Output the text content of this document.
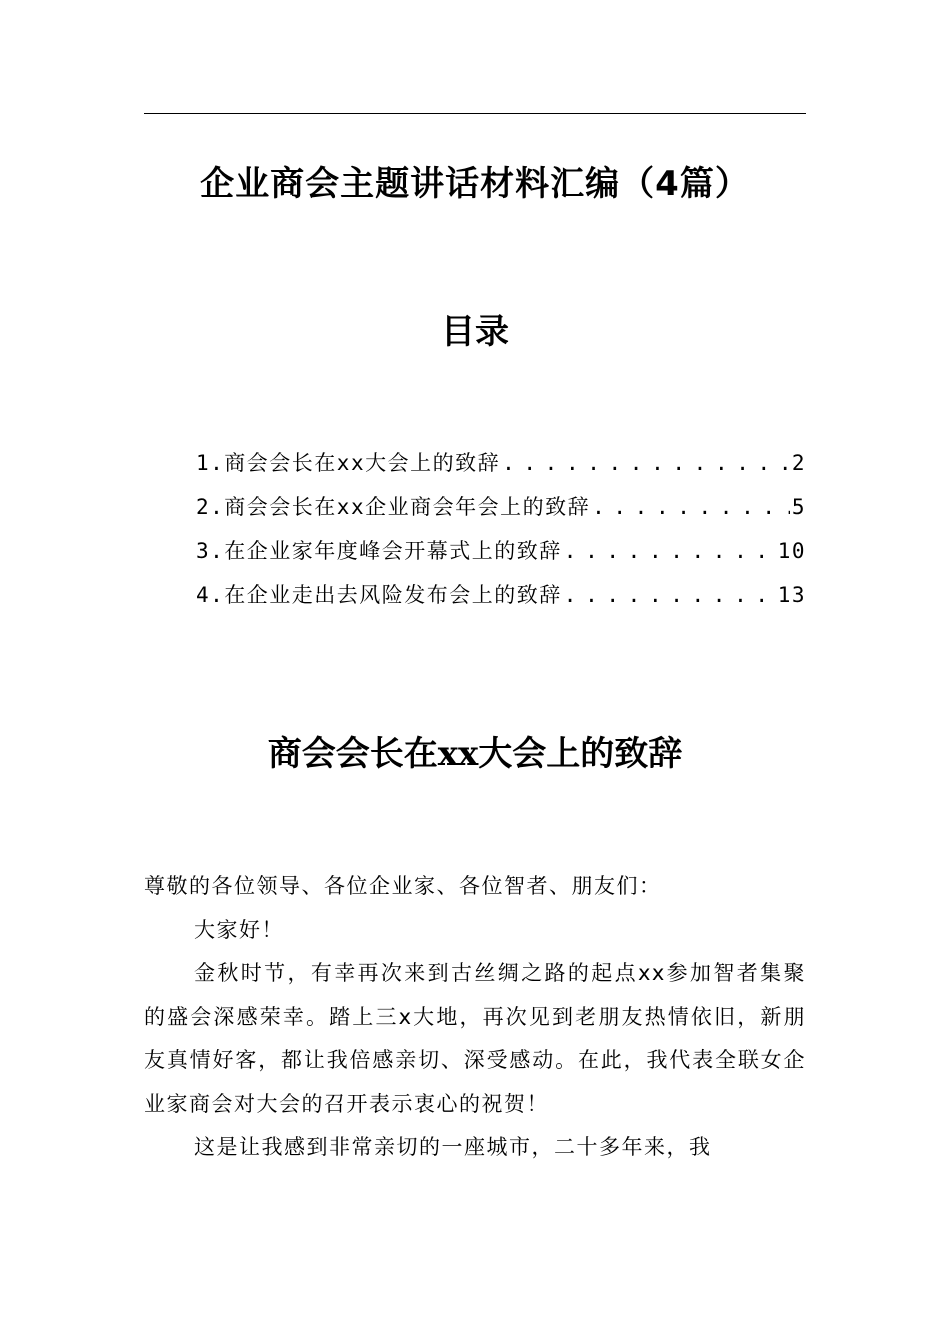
企业商会主题讲话材料汇编（4篇）
目录
1. 商会会长在xx大会上的致辞 . . .	2
2. 商会会长在xx企业商会年会上的致辞 . . .	5
3. 在企业家年度峰会开幕式上的致辞 . . .	10
4. 在企业走出去风险发布会上的致辞 . . .	13
商会会长在xx大会上的致辞

尊敬的各位领导、各位企业家、各位智者、朋友们：

大家好！

金秋时节，有幸再次来到古丝绸之路的起点xx参加智者集聚的盛会深感荣幸。踏上三x大地，再次见到老朋友热情依旧，新朋友真情好客，都让我倍感亲切、深受感动。在此，我代表全联女企业家商会对大会的召开表示衷心的祝贺！

这是让我感到非常亲切的一座城市，二十多年来，我
